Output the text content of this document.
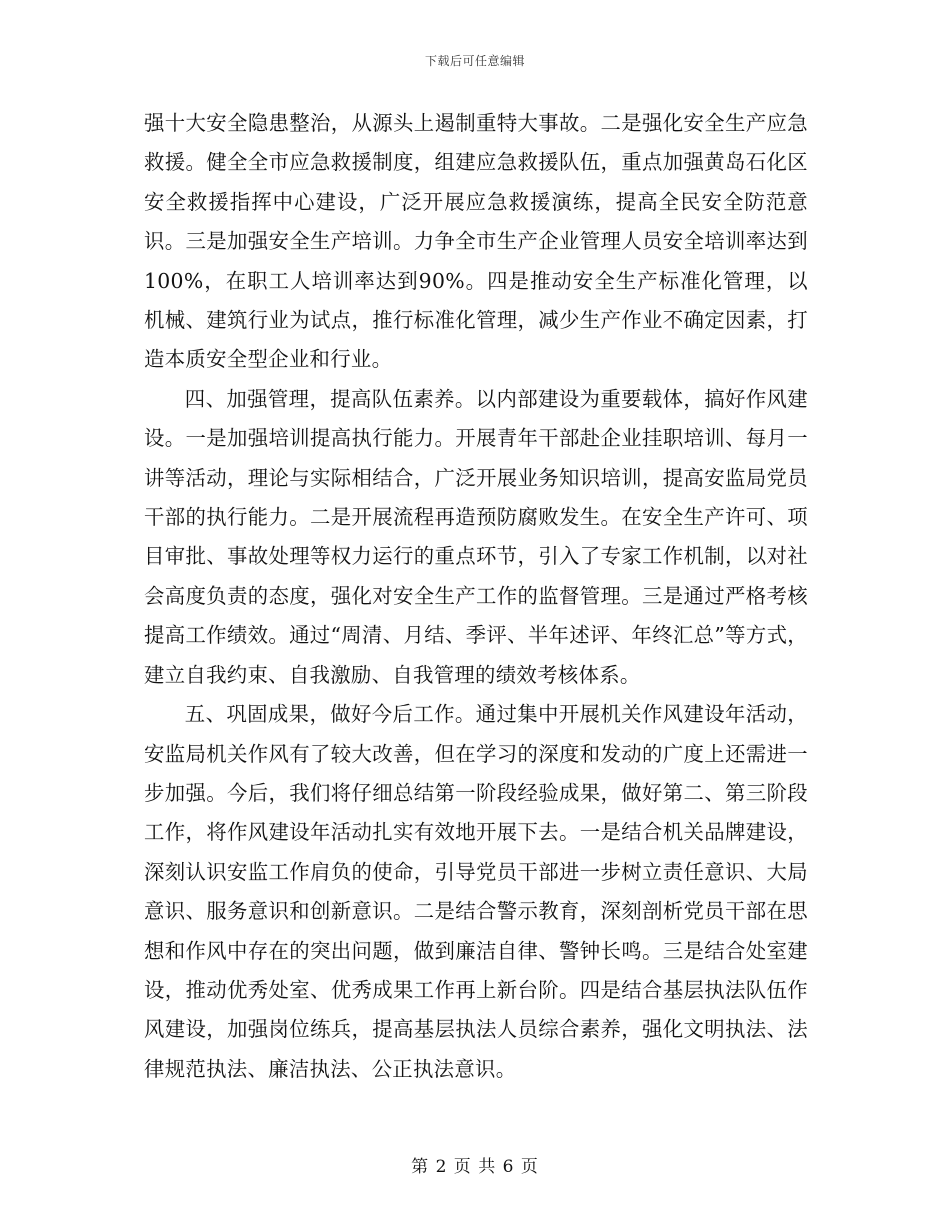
下载后可任意编辑

强十大安全隐患整治，从源头上遏制重特大事故。二是强化安全生产应急救援。健全全市应急救援制度，组建应急救援队伍，重点加强黄岛石化区安全救援指挥中心建设，广泛开展应急救援演练，提高全民安全防范意识。三是加强安全生产培训。力争全市生产企业管理人员安全培训率达到100%，在职工人培训率达到90%。四是推动安全生产标准化管理，以机械、建筑行业为试点，推行标准化管理，减少生产作业不确定因素，打造本质安全型企业和行业。

四、加强管理，提高队伍素养。以内部建设为重要载体，搞好作风建设。一是加强培训提高执行能力。开展青年干部赴企业挂职培训、每月一讲等活动，理论与实际相结合，广泛开展业务知识培训，提高安监局党员干部的执行能力。二是开展流程再造预防腐败发生。在安全生产许可、项目审批、事故处理等权力运行的重点环节，引入了专家工作机制，以对社会高度负责的态度，强化对安全生产工作的监督管理。三是通过严格考核提高工作绩效。通过“周清、月结、季评、半年述评、年终汇总”等方式，建立自我约束、自我激励、自我管理的绩效考核体系。

五、巩固成果，做好今后工作。通过集中开展机关作风建设年活动，安监局机关作风有了较大改善，但在学习的深度和发动的广度上还需进一步加强。今后，我们将仔细总结第一阶段经验成果，做好第二、第三阶段工作，将作风建设年活动扎实有效地开展下去。一是结合机关品牌建设，深刻认识安监工作肩负的使命，引导党员干部进一步树立责任意识、大局意识、服务意识和创新意识。二是结合警示教育，深刻剖析党员干部在思想和作风中存在的突出问题，做到廉洁自律、警钟长鸣。三是结合处室建设，推动优秀处室、优秀成果工作再上新台阶。四是结合基层执法队伍作风建设，加强岗位练兵，提高基层执法人员综合素养，强化文明执法、法律规范执法、廉洁执法、公正执法意识。

第 2 页 共 6 页
